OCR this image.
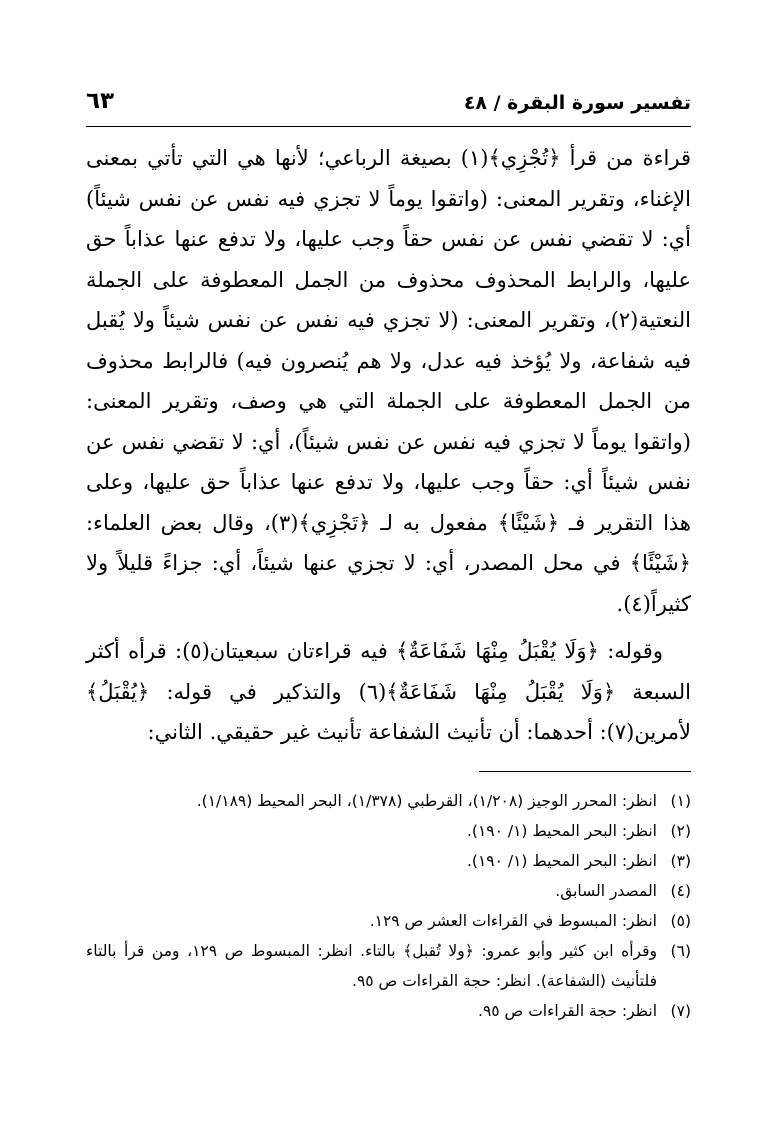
تفسير سورة البقرة / ٤٨
٦٣

قراءة من قرأ ﴿تُجْزِي﴾(١) بصيغة الرباعي؛ لأنها هي التي تأتي بمعنى الإغناء، وتقرير المعنى: (واتقوا يوماً لا تجزي فيه نفس عن نفس شيئاً) أي: لا تقضي نفس عن نفس حقاً وجب عليها، ولا تدفع عنها عذاباً حق عليها، والرابط المحذوف محذوف من الجمل المعطوفة على الجملة النعتية(٢)، وتقرير المعنى: (لا تجزي فيه نفس عن نفس شيئاً ولا يُقبل فيه شفاعة، ولا يُؤخذ فيه عدل، ولا هم يُنصرون فيه) فالرابط محذوف من الجمل المعطوفة على الجملة التي هي وصف، وتقرير المعنى: (واتقوا يوماً لا تجزي فيه نفس عن نفس شيئاً)، أي: لا تقضي نفس عن نفس شيئاً أي: حقاً وجب عليها، ولا تدفع عنها عذاباً حق عليها، وعلى هذا التقرير فـ ﴿شَيْئًا﴾ مفعول به لـ ﴿تَجْزِي﴾(٣)، وقال بعض العلماء: ﴿شَيْئًا﴾ في محل المصدر، أي: لا تجزي عنها شيئاً، أي: جزاءً قليلاً ولا كثيراً(٤).

وقوله: ﴿وَلَا يُقْبَلُ مِنْهَا شَفَاعَةٌ﴾ فيه قراءتان سبعيتان(٥): قرأه أكثر السبعة ﴿وَلَا يُقْبَلُ مِنْهَا شَفَاعَةٌ﴾(٦) والتذكير في قوله: ﴿يُقْبَلُ﴾ لأمرين(٧): أحدهما: أن تأنيث الشفاعة تأنيث غير حقيقي. الثاني:

(١)
انظر: المحرر الوجيز (١/٢٠٨)، القرطبي (١/٣٧٨)، البحر المحيط (١/١٨٩).
(٢)
انظر: البحر المحيط (١/ ١٩٠).
(٣)
انظر: البحر المحيط (١/ ١٩٠).
(٤)
المصدر السابق.
(٥)
انظر: المبسوط في القراءات العشر ص ١٢٩.
(٦)
وقرأه ابن كثير وأبو عمرو: ﴿ولا تُقبل﴾ بالتاء. انظر: المبسوط ص ١٢٩، ومن قرأ بالتاء فلتأنيث (الشفاعة). انظر: حجة القراءات ص ٩٥.
(٧)
انظر: حجة القراءات ص ٩٥.
